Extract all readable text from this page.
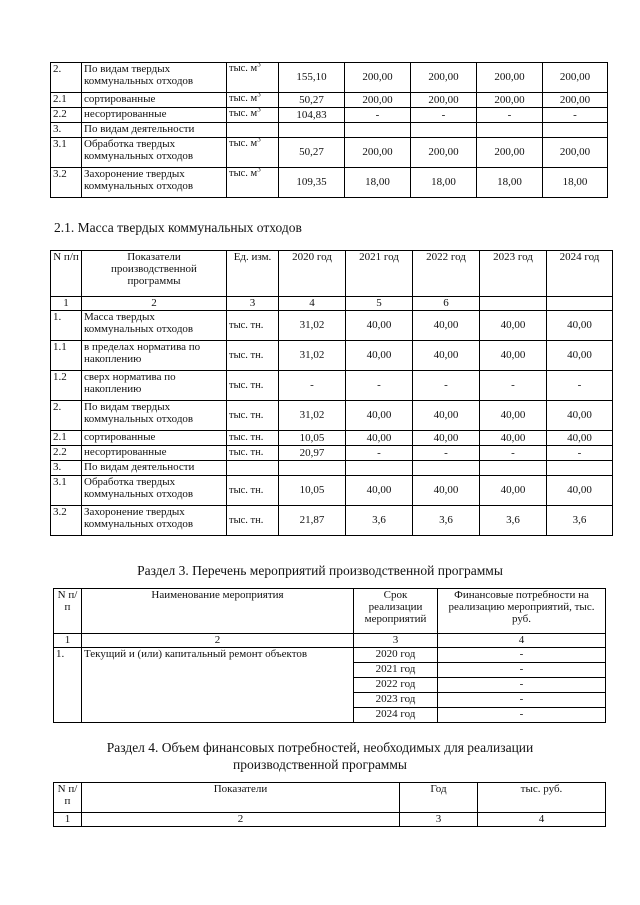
2.	По видам твердых коммунальных отходов	тыс. $м^3$	155,10	200,00	200,00	200,00	200,00
2.1	сортированные	тыс. $м^3$	50,27	200,00	200,00	200,00	200,00
2.2	несортированные	тыс. $м^3$	104,83	-	-	-	-
3.	По видам деятельности						
3.1	Обработка твердых коммунальных отходов	тыс. $м^3$	50,27	200,00	200,00	200,00	200,00
3.2	Захоронение твердых коммунальных отходов	тыс. $м^3$	109,35	18,00	18,00	18,00	18,00
2.1. Масса твердых коммунальных отходов
N п/п	Показатели производственной программы	Ед. изм.	2020 год	2021 год	2022 год	2023 год	2024 год
1	2	3	4	5	6		
1.	Масса твердых коммунальных отходов	тыс. тн.	31,02	40,00	40,00	40,00	40,00
1.1	в пределах норматива по накоплению	тыс. тн.	31,02	40,00	40,00	40,00	40,00
1.2	сверх норматива по накоплению	тыс. тн.	-	-	-	-	-
2.	По видам твердых коммунальных отходов	тыс. тн.	31,02	40,00	40,00	40,00	40,00
2.1	сортированные	тыс. тн.	10,05	40,00	40,00	40,00	40,00
2.2	несортированные	тыс. тн.	20,97	-	-	-	-
3.	По видам деятельности						
3.1	Обработка твердых коммунальных отходов	тыс. тн.	10,05	40,00	40,00	40,00	40,00
3.2	Захоронение твердых коммунальных отходов	тыс. тн.	21,87	3,6	3,6	3,6	3,6
Раздел 3. Перечень мероприятий производственной программы
N п/п	Наименование мероприятия	Срок реализации мероприятий	Финансовые потребности на реализацию мероприятий, тыс. руб.
1	2	3	4
1.	Текущий и (или) капитальный ремонт объектов	2020 год	-
		2021 год	-
		2022 год	-
		2023 год	-
		2024 год	-
Раздел 4. Объем финансовых потребностей, необходимых для реализации
производственной программы
N п/п	Показатели	Год	тыс. руб.
1	2	3	4
